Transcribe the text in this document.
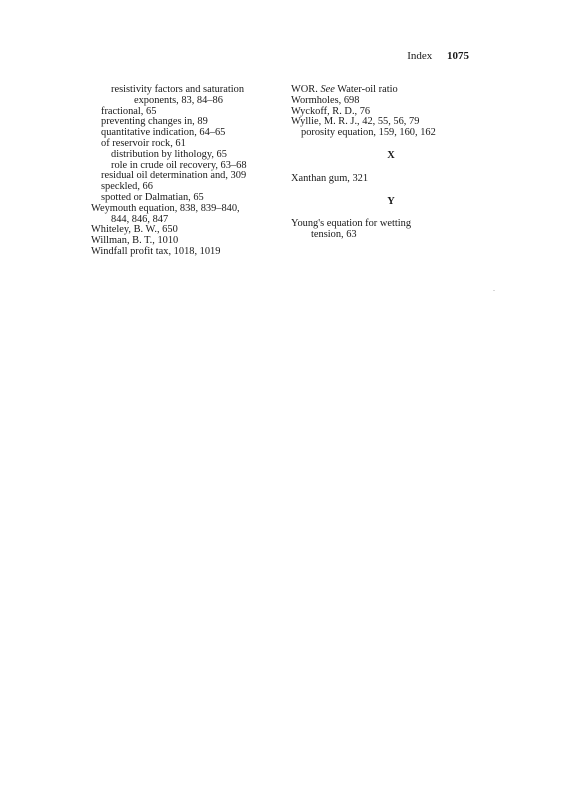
Index 1075
resistivity factors and saturation
exponents, 83, 84–86
fractional, 65
preventing changes in, 89
quantitative indication, 64–65
of reservoir rock, 61
distribution by lithology, 65
role in crude oil recovery, 63–68
residual oil determination and, 309
speckled, 66
spotted or Dalmatian, 65
Weymouth equation, 838, 839–840,
844, 846, 847
Whiteley, B. W., 650
Willman, B. T., 1010
Windfall profit tax, 1018, 1019
WOR. See Water-oil ratio
Wormholes, 698
Wyckoff, R. D., 76
Wyllie, M. R. J., 42, 55, 56, 79
porosity equation, 159, 160, 162
X
Xanthan gum, 321
Y
Young's equation for wetting
tension, 63
